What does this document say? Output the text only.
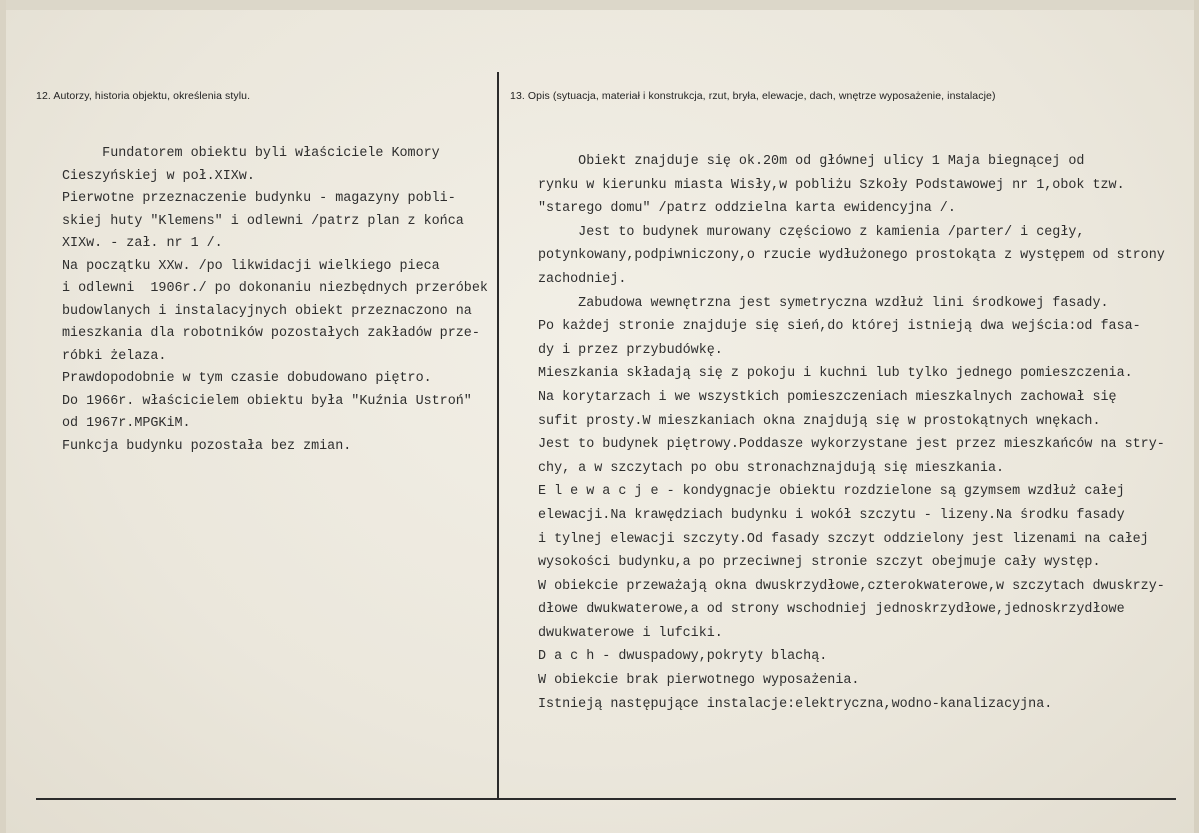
12. Autorzy, historia objektu, określenia stylu.	13. Opis (sytuacja, materiał i konstrukcja, rzut, bryła, elewacje, dach, wnętrze wyposażenie, instalacje)
Fundatorem obiektu byli właściciele Komory
Cieszyńskiej w poł.XIXw.
Pierwotne przeznaczenie budynku - magazyny pobli-
skiej huty "Klemens" i odlewni /patrz plan z końca
XIXw. - zał. nr 1 /.
Na początku XXw. /po likwidacji wielkiego pieca
i odlewni  1906r./ po dokonaniu niezbędnych przeróbek
budowlanych i instalacyjnych obiekt przeznaczono na
mieszkania dla robotników pozostałych zakładów prze-
róbki żelaza.
Prawdopodobnie w tym czasie dobudowano piętro.
Do 1966r. właścicielem obiektu była "Kuźnia Ustroń"
od 1967r.MPGKiM.
Funkcja budynku pozostała bez zmian.
Obiekt znajduje się ok.20m od głównej ulicy 1 Maja biegnącej od
rynku w kierunku miasta Wisły,w pobliżu Szkoły Podstawowej nr 1,obok tzw.
"starego domu" /patrz oddzielna karta ewidencyjna /.
Jest to budynek murowany częściowo z kamienia /parter/ i cegły,
potynkowany,podpiwniczony,o rzucie wydłużonego prostokąta z występem od strony
zachodniej.
Zabudowa wewnętrzna jest symetryczna wzdłuż lini środkowej fasady.
Po każdej stronie znajduje się sień,do której istnieją dwa wejścia:od fasa-
dy i przez przybudówkę.
Mieszkania składają się z pokoju i kuchni lub tylko jednego pomieszczenia.
Na korytarzach i we wszystkich pomieszczeniach mieszkalnych zachował się
sufit prosty.W mieszkaniach okna znajdują się w prostokątnych wnękach.
Jest to budynek piętrowy.Poddasze wykorzystane jest przez mieszkańców na stry-
chy, a w szczytach po obu stronachznajdują się mieszkania.
E l e w a c j e - kondygnacje obiektu rozdzielone są gzymsem wzdłuż całej
elewacji.Na krawędziach budynku i wokół szczytu - lizeny.Na środku fasady
i tylnej elewacji szczyty.Od fasady szczyt oddzielony jest lizenami na całej
wysokości budynku,a po przeciwnej stronie szczyt obejmuje cały występ.
W obiekcie przeważają okna dwuskrzydłowe,czterokwaterowe,w szczytach dwuskrzy-
dłowe dwukwaterowe,a od strony wschodniej jednoskrzydłowe,jednoskrzydłowe
dwukwaterowe i lufciki.
D a c h - dwuspadowy,pokryty blachą.
W obiekcie brak pierwotnego wyposażenia.
Istnieją następujące instalacje:elektryczna,wodno-kanalizacyjna.
